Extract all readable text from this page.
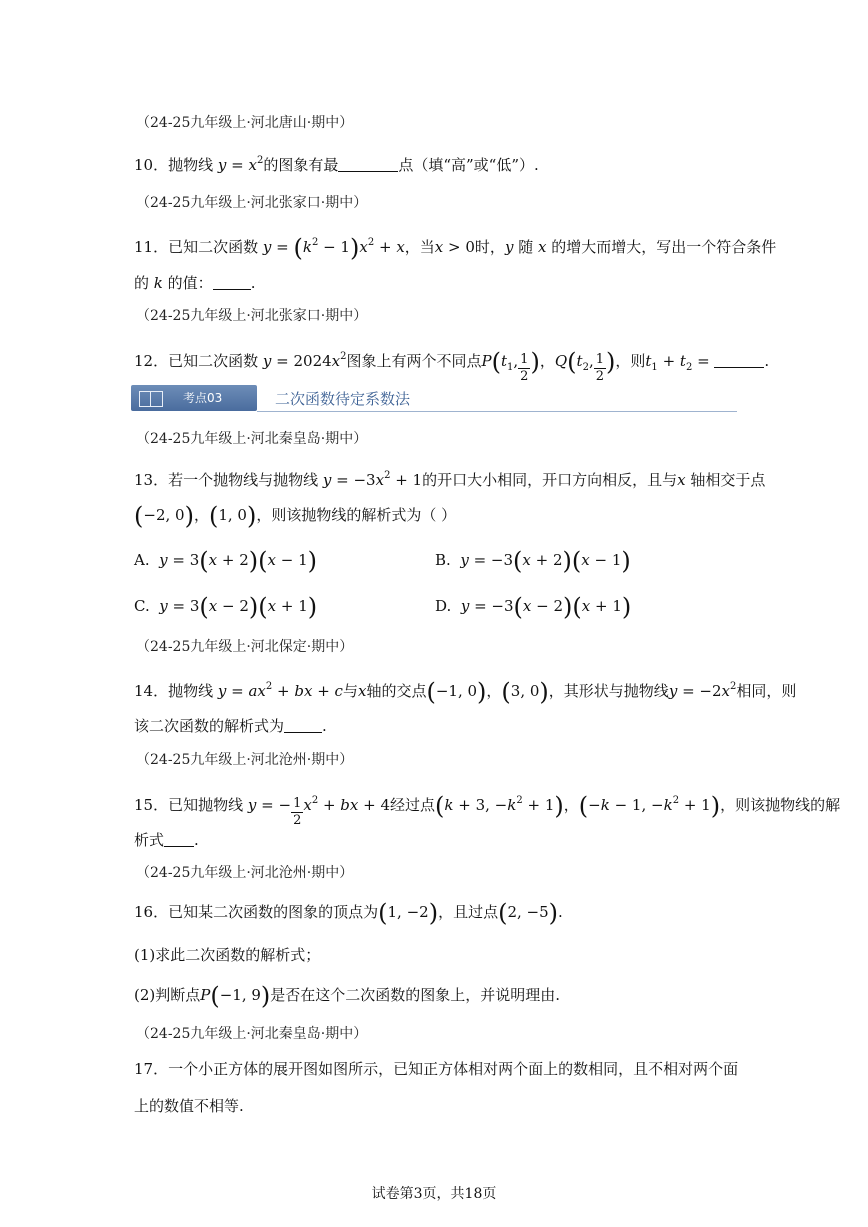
（24-25九年级上·河北唐山·期中）
10．抛物线 $y = x^2$的图象有最	点（填“高”或“低”）.
（24-25九年级上·河北张家口·期中）
11．已知二次函数 $y = (k^2 - 1)x^2 + x$，当x > 0时，y 随 x 的增大而增大，写出一个符合条件
的 k 的值：	.
（24-25九年级上·河北张家口·期中）
12．已知二次函数 $y = 2024x^2$图象上有两个不同点$P(t_1$, $\frac{1}{2}$ )，$Q(t_2$, $\frac{1}{2}$ )，则$t_1 + t_2$ =	.
考点03	二次函数待定系数法
（24-25九年级上·河北秦皇岛·期中）
13．若一个抛物线与抛物线 $y = -3x^2 + 1$的开口大小相同，开口方向相反，且与x 轴相交于点
(−2, 0)，(1, 0)，则该抛物线的解析式为（ ）
A. y = 3(x + 2)(x − 1)	B. y = −3(x + 2)(x − 1)
C. y = 3(x − 2)(x + 1)	D. y = −3(x − 2)(x + 1)
（24-25九年级上·河北保定·期中）
14．抛物线 $y = ax^2$ + bx + c与x轴的交点(−1, 0)，(3, 0)，其形状与抛物线$y = -2x^2$相同，则
该二次函数的解析式为	.
（24-25九年级上·河北沧州·期中）
15．已知抛物线 y = − $\frac{1}{2} x^2$ + bx + 4经过点(k + 3, $-k^2 + 1$)，(−k − 1, $-k^2 + 1$)，则该抛物线的解
析式 .
（24-25九年级上·河北沧州·期中）
16．已知某二次函数的图象的顶点为(1, −2)，且过点(2, −5).
(1)求此二次函数的解析式；
(2)判断点P(−1, 9)是否在这个二次函数的图象上，并说明理由.
（24-25九年级上·河北秦皇岛·期中）
17．一个小正方体的展开图如图所示，已知正方体相对两个面上的数相同，且不相对两个面
上的数值不相等.
试卷第3页，共18页
